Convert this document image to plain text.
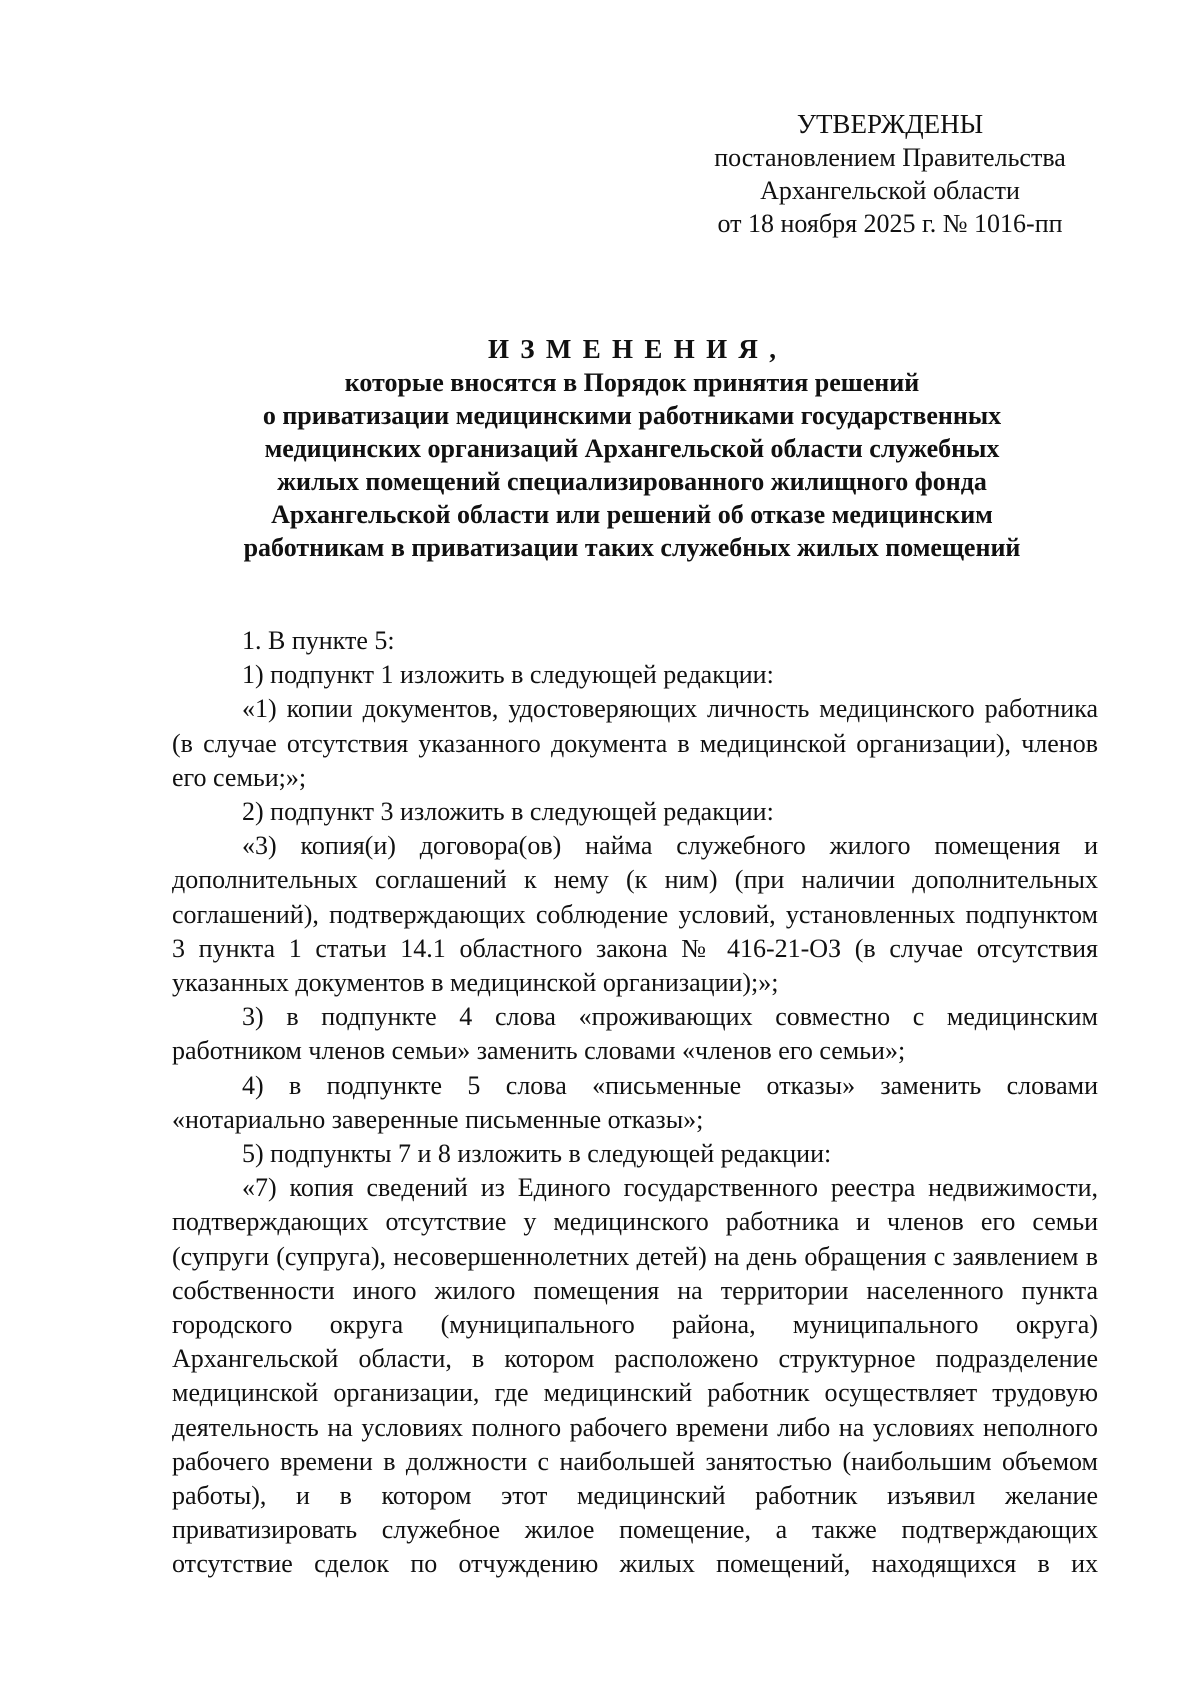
УТВЕРЖДЕНЫ
постановлением Правительства
Архангельской области
от 18 ноября 2025 г. № 1016-пп
ИЗМЕНЕНИЯ,
которые вносятся в Порядок принятия решений
о приватизации медицинскими работниками государственных
медицинских организаций Архангельской области служебных
жилых помещений специализированного жилищного фонда
Архангельской области или решений об отказе медицинским
работникам в приватизации таких служебных жилых помещений

1. В пункте 5:

1) подпункт 1 изложить в следующей редакции:

«1) копии документов, удостоверяющих личность медицинского работника (в случае отсутствия указанного документа в медицинской организации), членов его семьи;»;

2) подпункт 3 изложить в следующей редакции:

«3) копия(и) договора(ов) найма служебного жилого помещения и дополнительных соглашений к нему (к ним) (при наличии дополнительных соглашений), подтверждающих соблюдение условий, установленных подпунктом 3 пункта 1 статьи 14.1 областного закона № 416-21-ОЗ (в случае отсутствия указанных документов в медицинской организации);»;

3) в подпункте 4 слова «проживающих совместно с медицинским работником членов семьи» заменить словами «членов его семьи»;

4) в подпункте 5 слова «письменные отказы» заменить словами «нотариально заверенные письменные отказы»;

5) подпункты 7 и 8 изложить в следующей редакции:

«7) копия сведений из Единого государственного реестра недвижимости, подтверждающих отсутствие у медицинского работника и членов его семьи (супруги (супруга), несовершеннолетних детей) на день обращения с заявлением в собственности иного жилого помещения на территории населенного пункта городского округа (муниципального района, муниципального округа) Архангельской области, в котором расположено структурное подразделение медицинской организации, где медицинский работник осуществляет трудовую деятельность на условиях полного рабочего времени либо на условиях неполного рабочего времени в должности с наибольшей занятостью (наибольшим объемом работы), и в котором этот медицинский работник изъявил желание приватизировать служебное жилое помещение, а также подтверждающих отсутствие сделок по отчуждению жилых помещений, находящихся в их
